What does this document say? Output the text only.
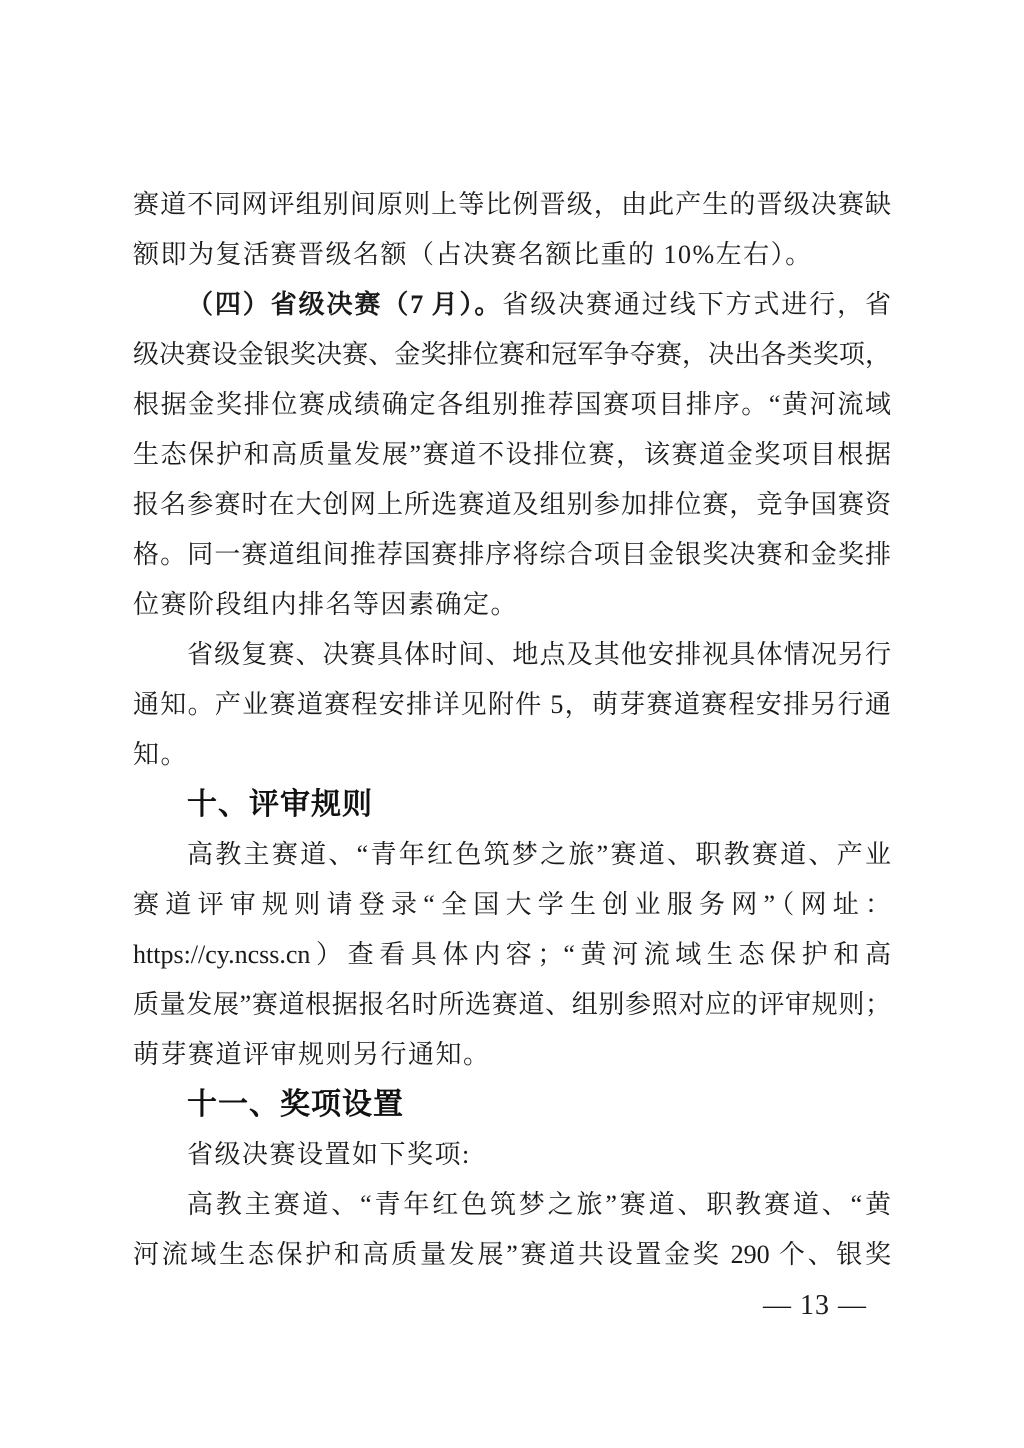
赛道不同网评组别间原则上等比例晋级，由此产生的晋级决赛缺
额即为复活赛晋级名额（占决赛名额比重的 10%左右）。
（四）省级决赛（7 月）。省级决赛通过线下方式进行，省
级决赛设金银奖决赛、金奖排位赛和冠军争夺赛，决出各类奖项，
根据金奖排位赛成绩确定各组别推荐国赛项目排序。“黄河流域
生态保护和高质量发展”赛道不设排位赛，该赛道金奖项目根据
报名参赛时在大创网上所选赛道及组别参加排位赛，竞争国赛资
格。同一赛道组间推荐国赛排序将综合项目金银奖决赛和金奖排
位赛阶段组内排名等因素确定。
省级复赛、决赛具体时间、地点及其他安排视具体情况另行
通知。产业赛道赛程安排详见附件 5，萌芽赛道赛程安排另行通
知。
十、评审规则
高教主赛道、“青年红色筑梦之旅”赛道、职教赛道、产业
赛道评审规则请登录“全国大学生创业服务网”（网址：
https://cy.ncss.cn）查看具体内容；“黄河流域生态保护和高
质量发展”赛道根据报名时所选赛道、组别参照对应的评审规则；
萌芽赛道评审规则另行通知。
十一、奖项设置
省级决赛设置如下奖项:
高教主赛道、“青年红色筑梦之旅”赛道、职教赛道、“黄
河流域生态保护和高质量发展”赛道共设置金奖 290 个、银奖
— 13 —
